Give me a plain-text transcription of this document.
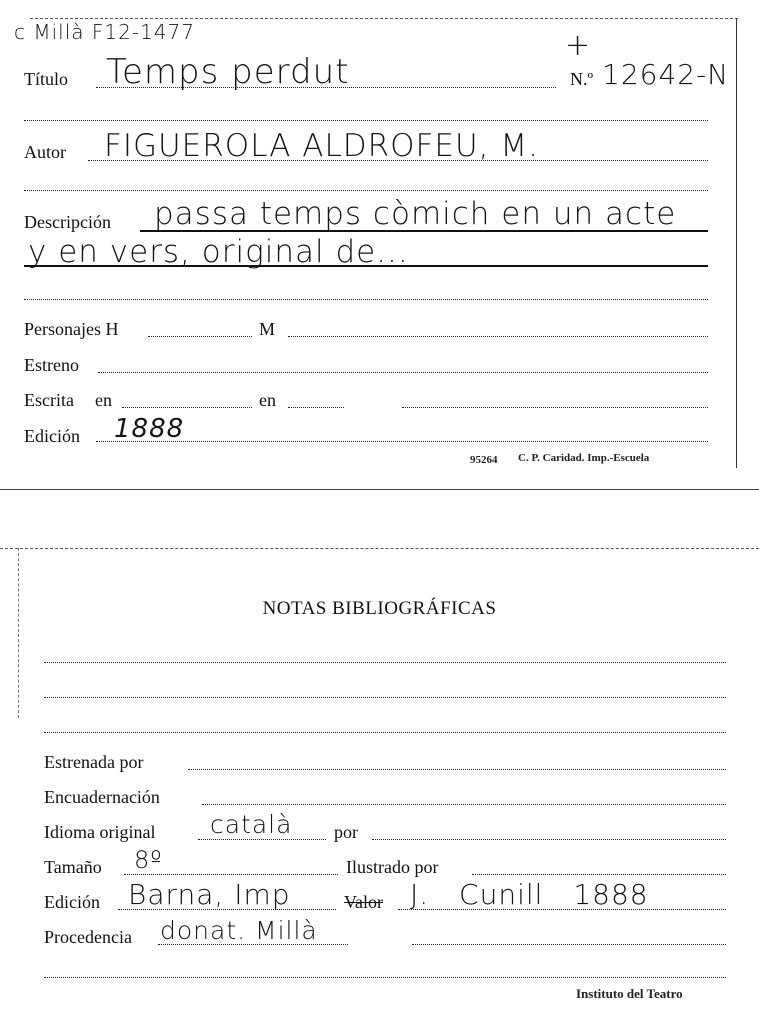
c Millà F12-1477
Título Temps perdut
+
N.º 12642-N
Autor FIGUEROLA ALDROFEU, M.
Descripción passa temps còmich en un acte
y en vers, original de...
Personajes H	M
Estreno
Escrita en	en
Edición 1888
95264 C. P. Caridad. Imp.-Escuela
NOTAS BIBLIOGRÁFICAS
Estrenada por
Encuadernación
Idioma original català por
Tamaño 8º	Ilustrado por
Edición Barna, Imp	Valor J. Cunill 1888
Procedencia donat. Millà
Instituto del Teatro
